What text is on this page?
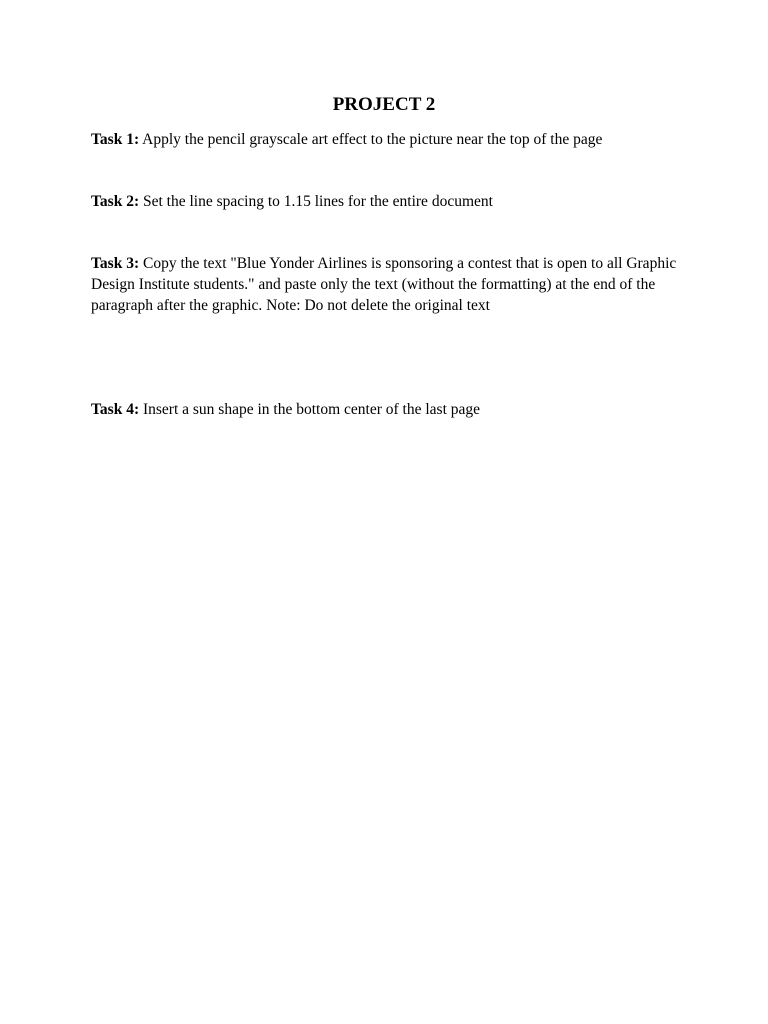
PROJECT 2

Task 1: Apply the pencil grayscale art effect to the picture near the top of the page

Task 2: Set the line spacing to 1.15 lines for the entire document

Task 3: Copy the text "Blue Yonder Airlines is sponsoring a contest that is open to all Graphic Design Institute students." and paste only the text (without the formatting) at the end of the paragraph after the graphic. Note: Do not delete the original text

Task 4: Insert a sun shape in the bottom center of the last page
